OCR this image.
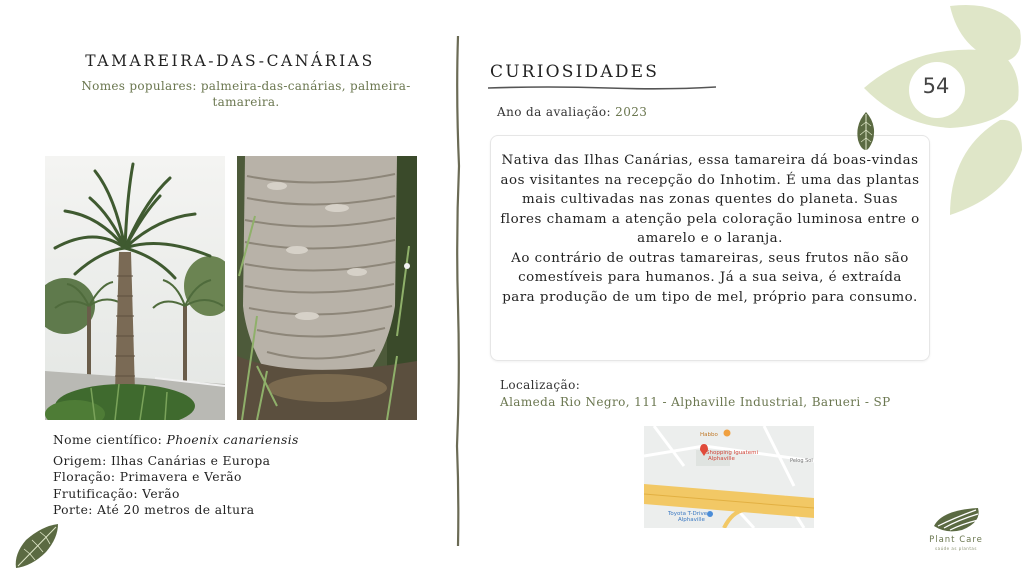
TAMAREIRA-DAS-CANÁRIAS
Nomes populares: palmeira-das-canárias, palmeira-tamareira.
Nome científico: Phoenix canariensis
Origem: Ilhas Canárias e Europa
Floração: Primavera e Verão
Frutificação: Verão
Porte: Até 20 metros de altura
CURIOSIDADES
Ano da avaliação: 2023
Nativa das Ilhas Canárias, essa tamareira dá boas-vindas aos visitantes na recepção do Inhotim. É uma das plantas mais cultivadas nas zonas quentes do planeta. Suas flores chamam a atenção pela coloração luminosa entre o amarelo e o laranja.
Ao contrário de outras tamareiras, seus frutos não são comestíveis para humanos. Já a sua seiva, é extraída para produção de um tipo de mel, próprio para consumo.
Localização:
Alameda Rio Negro, 111 - Alphaville Industrial, Barueri - SP
Habbo
Shopping Iguatemi
Alphaville	Pelog Sol
Toyota T-Drive
Alphaville
54
Plant Care
saúde as plantas
